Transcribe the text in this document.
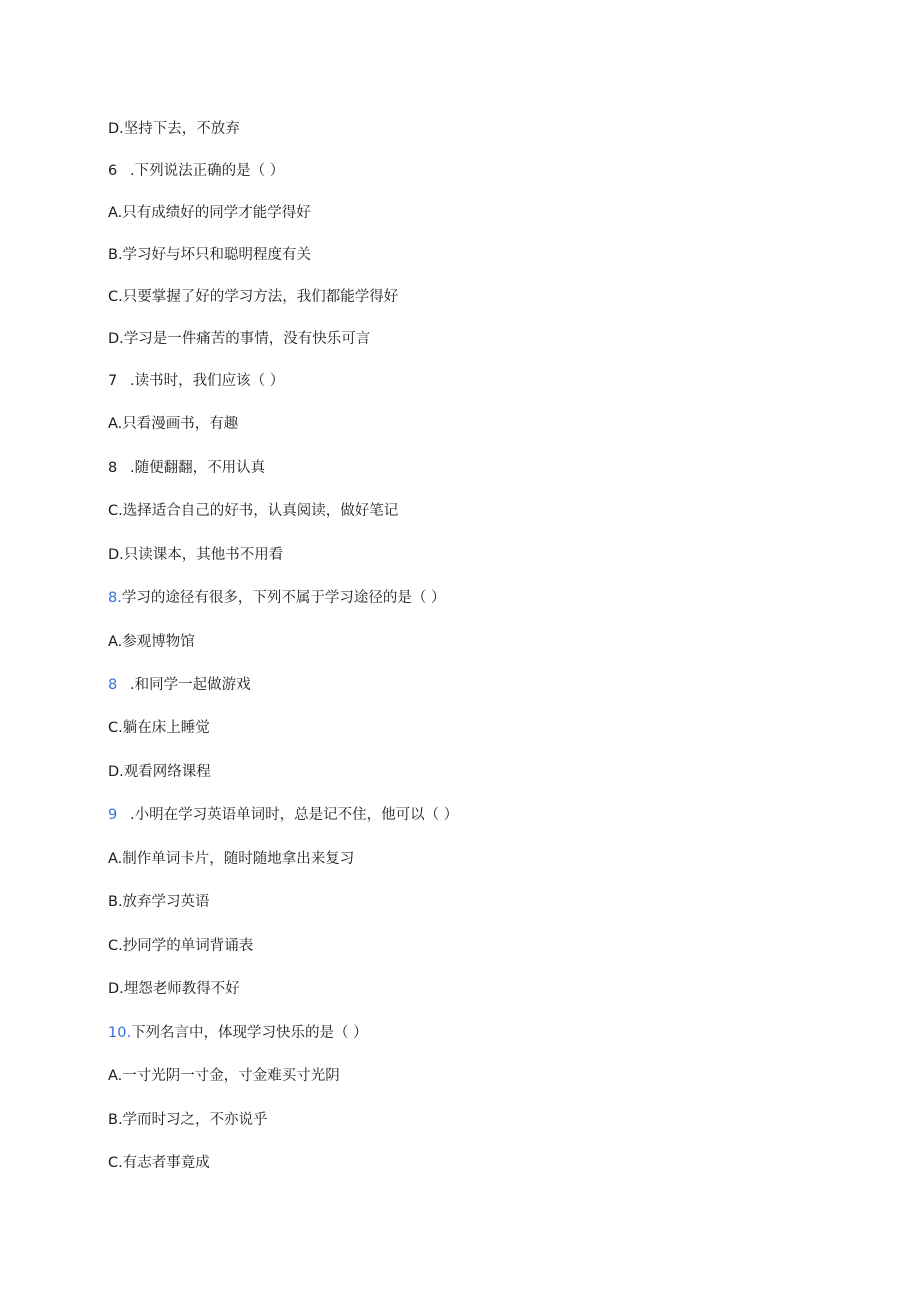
D.坚持下去，不放弃
6 .下列说法正确的是（ ）
A.只有成绩好的同学才能学得好
B.学习好与坏只和聪明程度有关
C.只要掌握了好的学习方法，我们都能学得好
D.学习是一件痛苦的事情，没有快乐可言
7 .读书时，我们应该（ ）
A.只看漫画书，有趣
8 .随便翻翻，不用认真
C.选择适合自己的好书，认真阅读，做好笔记
D.只读课本，其他书不用看
8.学习的途径有很多，下列不属于学习途径的是（ ）
A.参观博物馆
8 .和同学一起做游戏
C.躺在床上睡觉
D.观看网络课程
9 .小明在学习英语单词时，总是记不住，他可以（ ）
A.制作单词卡片，随时随地拿出来复习
B.放弃学习英语
C.抄同学的单词背诵表
D.埋怨老师教得不好
10.下列名言中，体现学习快乐的是（ ）
A.一寸光阴一寸金，寸金难买寸光阴
B.学而时习之，不亦说乎
C.有志者事竟成
